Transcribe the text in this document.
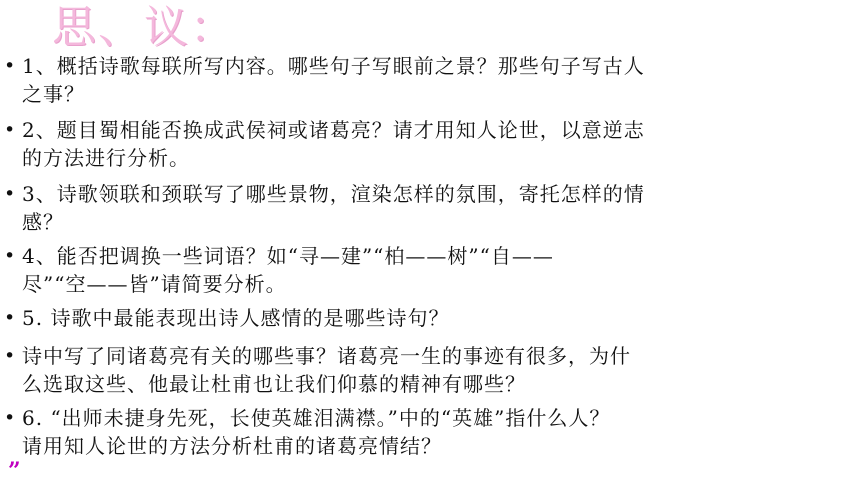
思、议：
• 1、概括诗歌每联所写内容。哪些句子写眼前之景？那些句子写古人
之事？
• 2、题目蜀相能否换成武侯祠或诸葛亮？请才用知人论世，以意逆志
的方法进行分析。
• 3、诗歌领联和颈联写了哪些景物，渲染怎样的氛围，寄托怎样的情
感？
• 4、能否把调换一些词语？如“寻—建”“柏——树”“自——
尽”“空——皆”请简要分析。
• 5. 诗歌中最能表现出诗人感情的是哪些诗句？
• 诗中写了同诸葛亮有关的哪些事？诸葛亮一生的事迹有很多，为什
么选取这些、他最让杜甫也让我们仰慕的精神有哪些？
• 6. “出师未捷身先死，长使英雄泪满襟。”中的“英雄”指什么人？
请用知人论世的方法分析杜甫的诸葛亮情结？
”
